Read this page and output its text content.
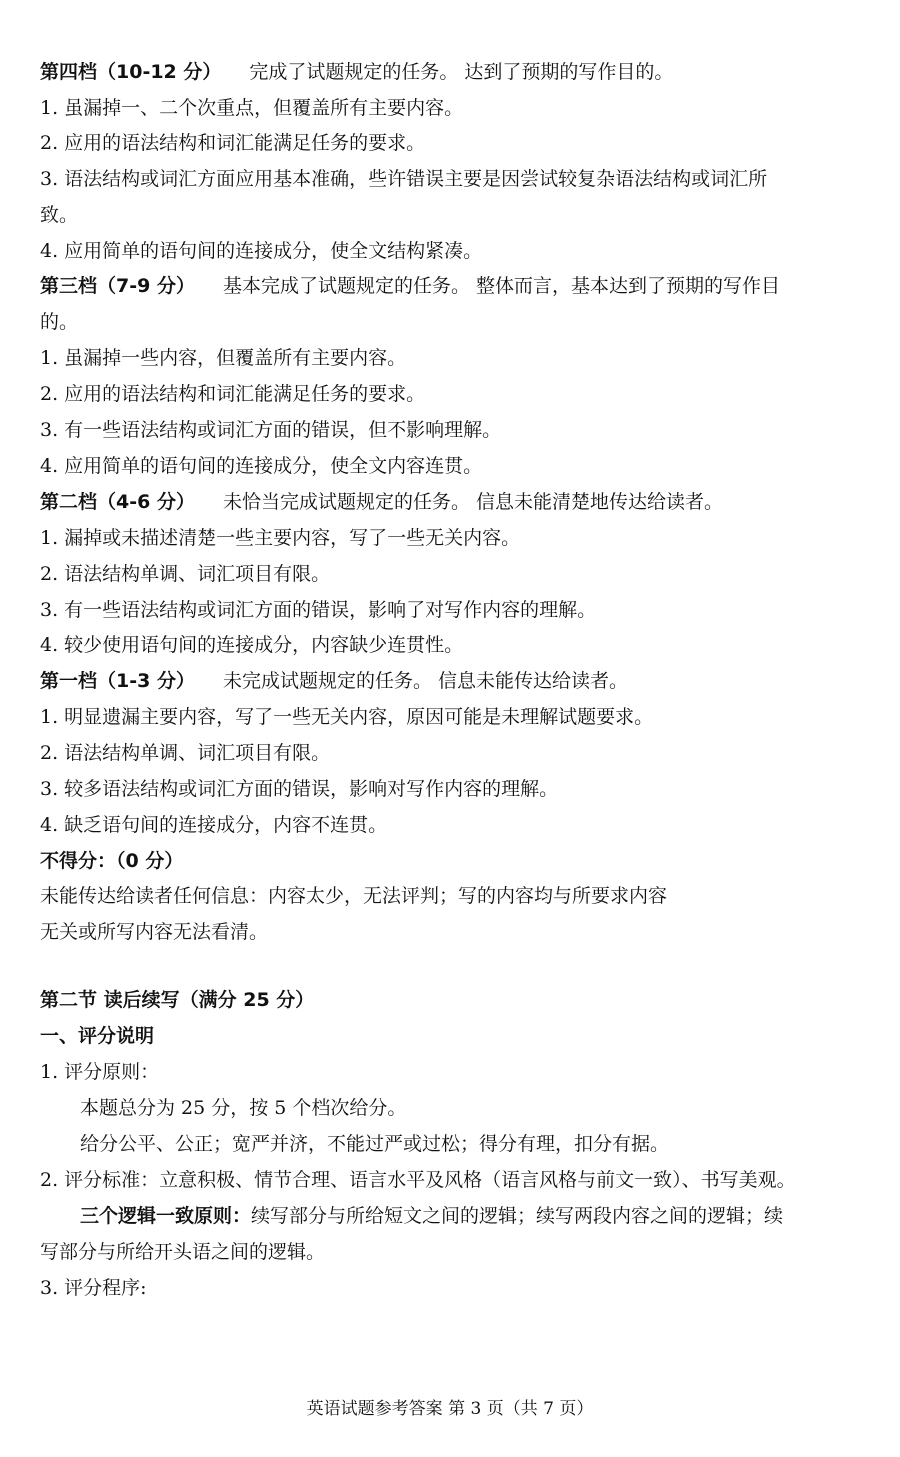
第四档（10-12 分） 完成了试题规定的任务。 达到了预期的写作目的。
1. 虽漏掉一、二个次重点，但覆盖所有主要内容。
2. 应用的语法结构和词汇能满足任务的要求。
3. 语法结构或词汇方面应用基本准确，些许错误主要是因尝试较复杂语法结构或词汇所
致。
4. 应用简单的语句间的连接成分，使全文结构紧凑。
第三档（7-9 分） 基本完成了试题规定的任务。 整体而言，基本达到了预期的写作目
的。
1. 虽漏掉一些内容，但覆盖所有主要内容。
2. 应用的语法结构和词汇能满足任务的要求。
3. 有一些语法结构或词汇方面的错误，但不影响理解。
4. 应用简单的语句间的连接成分，使全文内容连贯。
第二档（4-6 分） 未恰当完成试题规定的任务。 信息未能清楚地传达给读者。
1. 漏掉或未描述清楚一些主要内容，写了一些无关内容。
2. 语法结构单调、词汇项目有限。
3. 有一些语法结构或词汇方面的错误，影响了对写作内容的理解。
4. 较少使用语句间的连接成分，内容缺少连贯性。
第一档（1-3 分） 未完成试题规定的任务。 信息未能传达给读者。
1. 明显遗漏主要内容，写了一些无关内容，原因可能是未理解试题要求。
2. 语法结构单调、词汇项目有限。
3. 较多语法结构或词汇方面的错误，影响对写作内容的理解。
4. 缺乏语句间的连接成分，内容不连贯。
不得分：（0 分）
未能传达给读者任何信息：内容太少，无法评判；写的内容均与所要求内容
无关或所写内容无法看清。
第二节 读后续写（满分 25 分）
一、评分说明
1. 评分原则：
本题总分为 25 分，按 5 个档次给分。
给分公平、公正；宽严并济，不能过严或过松；得分有理，扣分有据。
2. 评分标准：立意积极、情节合理、语言水平及风格（语言风格与前文一致）、书写美观。
三个逻辑一致原则：续写部分与所给短文之间的逻辑；续写两段内容之间的逻辑；续
写部分与所给开头语之间的逻辑。
3. 评分程序:
英语试题参考答案 第 3 页（共 7 页）
